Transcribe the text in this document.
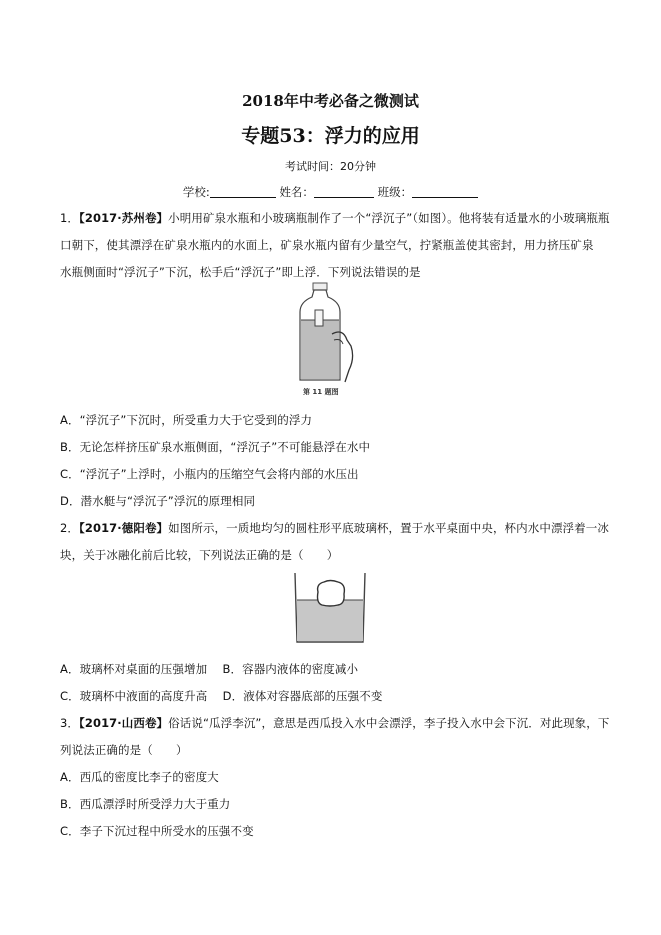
2018年中考必备之微测试
专题53：浮力的应用
考试时间：20分钟
学校:	姓名：	班级：
1．【2017·苏州卷】小明用矿泉水瓶和小玻璃瓶制作了一个“浮沉子”（如图）。他将装有适量水的小玻璃瓶瓶
口朝下，使其漂浮在矿泉水瓶内的水面上，矿泉水瓶内留有少量空气，拧紧瓶盖使其密封，用力挤压矿泉
水瓶侧面时“浮沉子”下沉，松手后“浮沉子”即上浮．下列说法错误的是
第 11 题图
A．“浮沉子”下沉时，所受重力大于它受到的浮力
B．无论怎样挤压矿泉水瓶侧面，“浮沉子”不可能悬浮在水中
C．“浮沉子”上浮时，小瓶内的压缩空气会将内部的水压出
D．潜水艇与“浮沉子”浮沉的原理相同
2．【2017·德阳卷】如图所示，一质地均匀的圆柱形平底玻璃杯，置于水平桌面中央，杯内水中漂浮着一冰
块，关于冰融化前后比较，下列说法正确的是（　　）
A．玻璃杯对桌面的压强增加　 B．容器内液体的密度减小
C．玻璃杯中液面的高度升高　 D．液体对容器底部的压强不变
3．【2017·山西卷】俗话说“瓜浮李沉”，意思是西瓜投入水中会漂浮，李子投入水中会下沉．对此现象，下
列说法正确的是（　　）
A．西瓜的密度比李子的密度大
B．西瓜漂浮时所受浮力大于重力
C．李子下沉过程中所受水的压强不变
